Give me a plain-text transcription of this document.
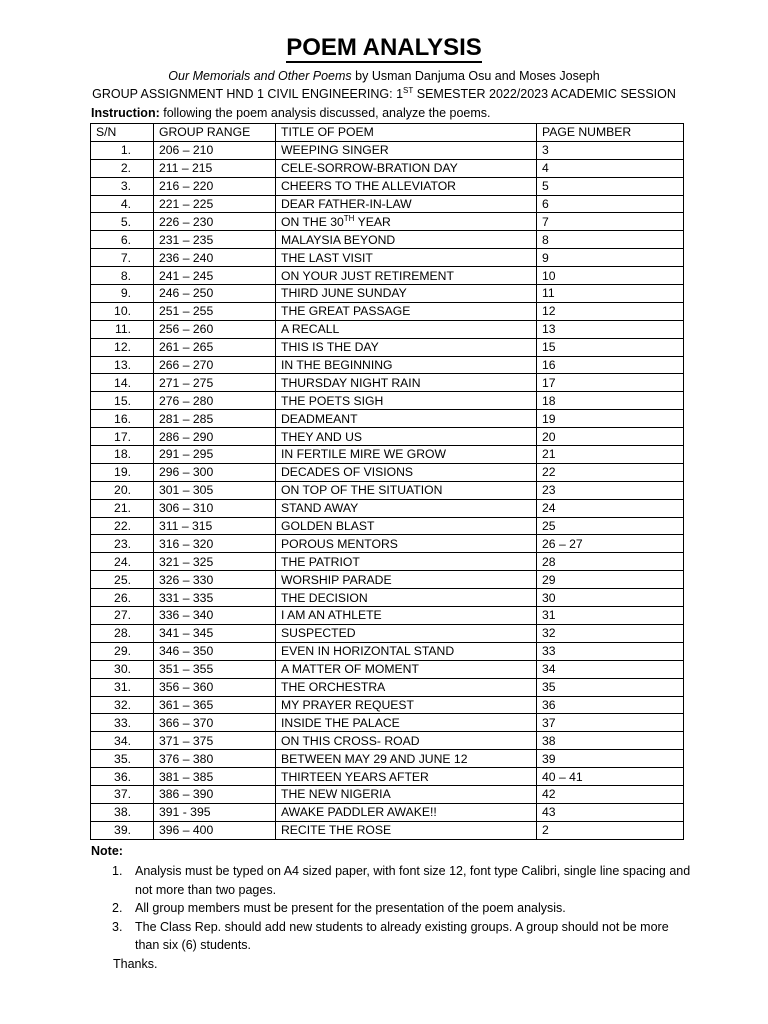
POEM ANALYSIS
Our Memorials and Other Poems by Usman Danjuma Osu and Moses Joseph
GROUP ASSIGNMENT HND 1 CIVIL ENGINEERING: 1ST SEMESTER 2022/2023 ACADEMIC SESSION
Instruction: following the poem analysis discussed, analyze the poems.
S/N	GROUP RANGE	TITLE OF POEM	PAGE NUMBER
1.	206 – 210	WEEPING SINGER	3
2.	211 – 215	CELE-SORROW-BRATION DAY	4
3.	216 – 220	CHEERS TO THE ALLEVIATOR	5
4.	221 – 225	DEAR FATHER-IN-LAW	6
5.	226 – 230	ON THE 30TH YEAR	7
6.	231 – 235	MALAYSIA BEYOND	8
7.	236 – 240	THE LAST VISIT	9
8.	241 – 245	ON YOUR JUST RETIREMENT	10
9.	246 – 250	THIRD JUNE SUNDAY	11
10.	251 – 255	THE GREAT PASSAGE	12
11.	256 – 260	A RECALL	13
12.	261 – 265	THIS IS THE DAY	15
13.	266 – 270	IN THE BEGINNING	16
14.	271 – 275	THURSDAY NIGHT RAIN	17
15.	276 – 280	THE POETS SIGH	18
16.	281 – 285	DEADMEANT	19
17.	286 – 290	THEY AND US	20
18.	291 – 295	IN FERTILE MIRE WE GROW	21
19.	296 – 300	DECADES OF VISIONS	22
20.	301 – 305	ON TOP OF THE SITUATION	23
21.	306 – 310	STAND AWAY	24
22.	311 – 315	GOLDEN BLAST	25
23.	316 – 320	POROUS MENTORS	26 – 27
24.	321 – 325	THE PATRIOT	28
25.	326 – 330	WORSHIP PARADE	29
26.	331 – 335	THE DECISION	30
27.	336 – 340	I AM AN ATHLETE	31
28.	341 – 345	SUSPECTED	32
29.	346 – 350	EVEN IN HORIZONTAL STAND	33
30.	351 – 355	A MATTER OF MOMENT	34
31.	356 – 360	THE ORCHESTRA	35
32.	361 – 365	MY PRAYER REQUEST	36
33.	366 – 370	INSIDE THE PALACE	37
34.	371 – 375	ON THIS CROSS- ROAD	38
35.	376 – 380	BETWEEN MAY 29 AND JUNE 12	39
36.	381 – 385	THIRTEEN YEARS AFTER	40 – 41
37.	386 – 390	THE NEW NIGERIA	42
38.	391 - 395	AWAKE PADDLER AWAKE!!	43
39.	396 – 400	RECITE THE ROSE	2
Note:
1. Analysis must be typed on A4 sized paper, with font size 12, font type Calibri, single line spacing and not more than two pages.
2. All group members must be present for the presentation of the poem analysis.
3. The Class Rep. should add new students to already existing groups. A group should not be more than six (6) students.
Thanks.
